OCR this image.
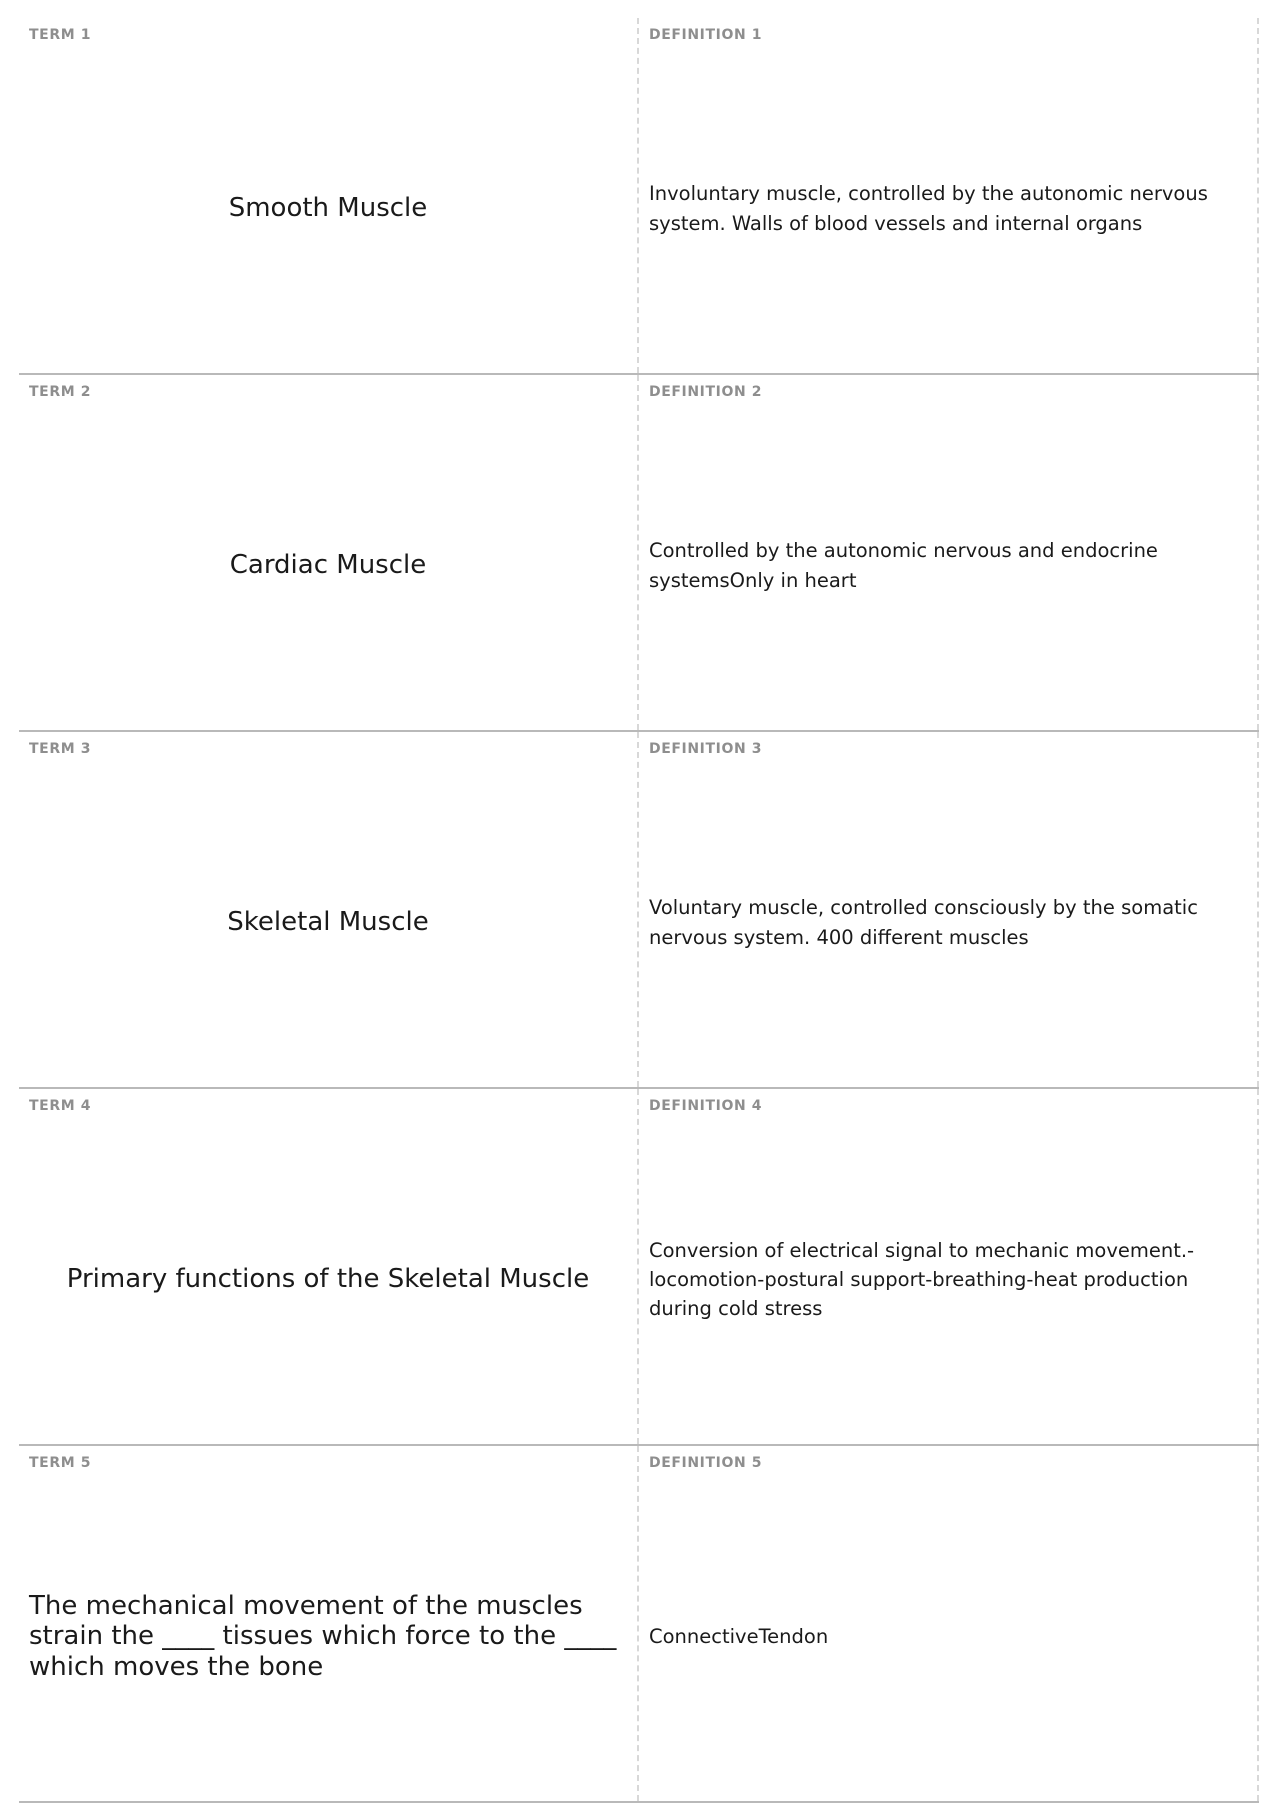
TERM 1
Smooth Muscle
DEFINITION 1
Involuntary muscle, controlled by the autonomic nervous system. Walls of blood vessels and internal organs
TERM 2
Cardiac Muscle
DEFINITION 2
Controlled by the autonomic nervous and endocrine systemsOnly in heart
TERM 3
Skeletal Muscle
DEFINITION 3
Voluntary muscle, controlled consciously by the somatic nervous system. 400 different muscles
TERM 4
Primary functions of the Skeletal Muscle
DEFINITION 4
Conversion of electrical signal to mechanic movement.-locomotion-postural support-breathing-heat production during cold stress
TERM 5
The mechanical movement of the muscles strain the ____ tissues which force to the ____ which moves the bone
DEFINITION 5
ConnectiveTendon
